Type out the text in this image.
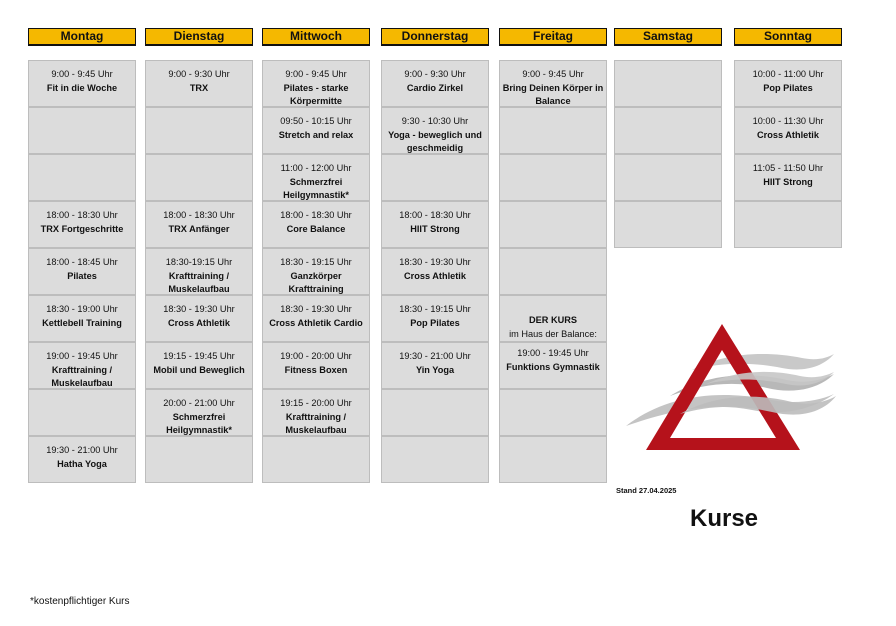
Montag
9:00 - 9:45 Uhr
Fit in die Woche
18:00 - 18:30 Uhr
TRX Fortgeschritte
18:00 - 18:45 Uhr
Pilates
18:30 - 19:00 Uhr
Kettlebell Training
19:00 - 19:45 Uhr
Krafttraining / Muskelaufbau
19:30 - 21:00 Uhr
Hatha Yoga
Dienstag
9:00 - 9:30 Uhr
TRX
18:00 - 18:30 Uhr
TRX Anfänger
18:30-19:15 Uhr
Krafttraining / Muskelaufbau
18:30 - 19:30 Uhr
Cross Athletik
19:15 - 19:45 Uhr
Mobil und Beweglich
20:00 - 21:00 Uhr
Schmerzfrei Heilgymnastik*
Mittwoch
9:00 - 9:45 Uhr
Pilates - starke Körpermitte
09:50 - 10:15 Uhr
Stretch and relax
11:00 - 12:00 Uhr
Schmerzfrei Heilgymnastik*
18:00 - 18:30 Uhr
Core Balance
18:30 - 19:15 Uhr
Ganzkörper Krafttraining
18:30 - 19:30 Uhr
Cross Athletik Cardio
19:00 - 20:00 Uhr
Fitness Boxen
19:15 - 20:00 Uhr
Krafttraining / Muskelaufbau
Donnerstag
9:00 - 9:30 Uhr
Cardio Zirkel
9:30 - 10:30 Uhr
Yoga - beweglich und geschmeidig
18:00 - 18:30 Uhr
HIIT Strong
18:30 - 19:30 Uhr
Cross Athletik
18:30 - 19:15 Uhr
Pop Pilates
19:30 - 21:00 Uhr
Yin Yoga
Freitag
9:00 - 9:45 Uhr
Bring Deinen Körper in Balance
DER KURS
im Haus der Balance:
19:00 - 19:45 Uhr
Funktions Gymnastik
Samstag	Sonntag
10:00 - 11:00 Uhr
Pop Pilates
10:00 - 11:30 Uhr
Cross Athletik
11:05 - 11:50 Uhr
HIIT Strong
Stand 27.04.2025
Kurse
*kostenpflichtiger Kurs
